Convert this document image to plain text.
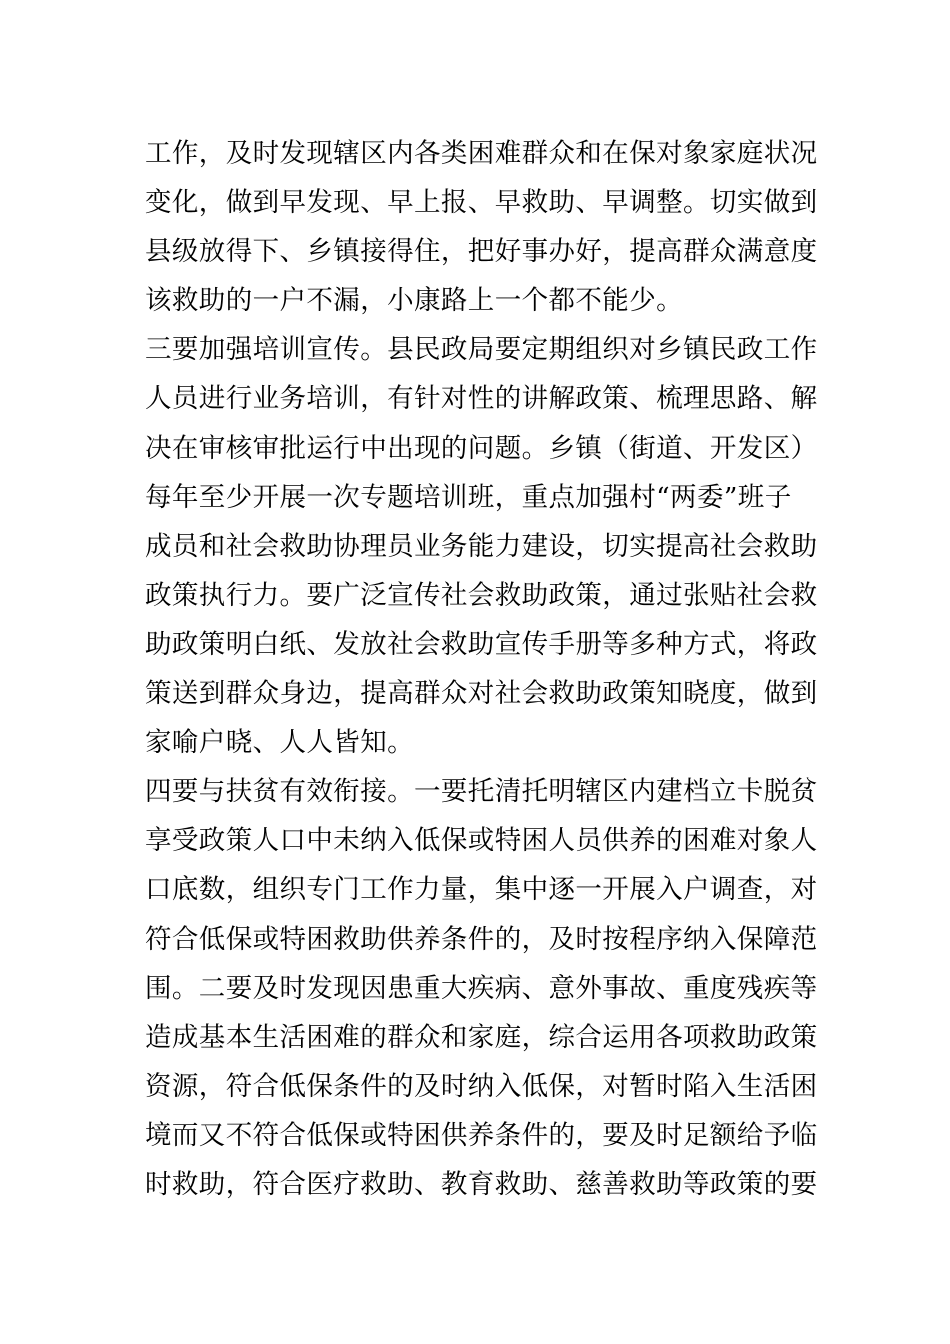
工作，及时发现辖区内各类困难群众和在保对象家庭状况
变化，做到早发现、早上报、早救助、早调整。切实做到
县级放得下、乡镇接得住，把好事办好，提高群众满意度
该救助的一户不漏，小康路上一个都不能少。
三要加强培训宣传。县民政局要定期组织对乡镇民政工作
人员进行业务培训，有针对性的讲解政策、梳理思路、解
决在审核审批运行中出现的问题。乡镇（街道、开发区）
每年至少开展一次专题培训班，重点加强村“两委”班子
成员和社会救助协理员业务能力建设，切实提高社会救助
政策执行力。要广泛宣传社会救助政策，通过张贴社会救
助政策明白纸、发放社会救助宣传手册等多种方式，将政
策送到群众身边，提高群众对社会救助政策知晓度，做到
家喻户晓、人人皆知。
四要与扶贫有效衔接。一要托清托明辖区内建档立卡脱贫
享受政策人口中未纳入低保或特困人员供养的困难对象人
口底数，组织专门工作力量，集中逐一开展入户调查，对
符合低保或特困救助供养条件的，及时按程序纳入保障范
围。二要及时发现因患重大疾病、意外事故、重度残疾等
造成基本生活困难的群众和家庭，综合运用各项救助政策
资源，符合低保条件的及时纳入低保，对暂时陷入生活困
境而又不符合低保或特困供养条件的，要及时足额给予临
时救助，符合医疗救助、教育救助、慈善救助等政策的要
